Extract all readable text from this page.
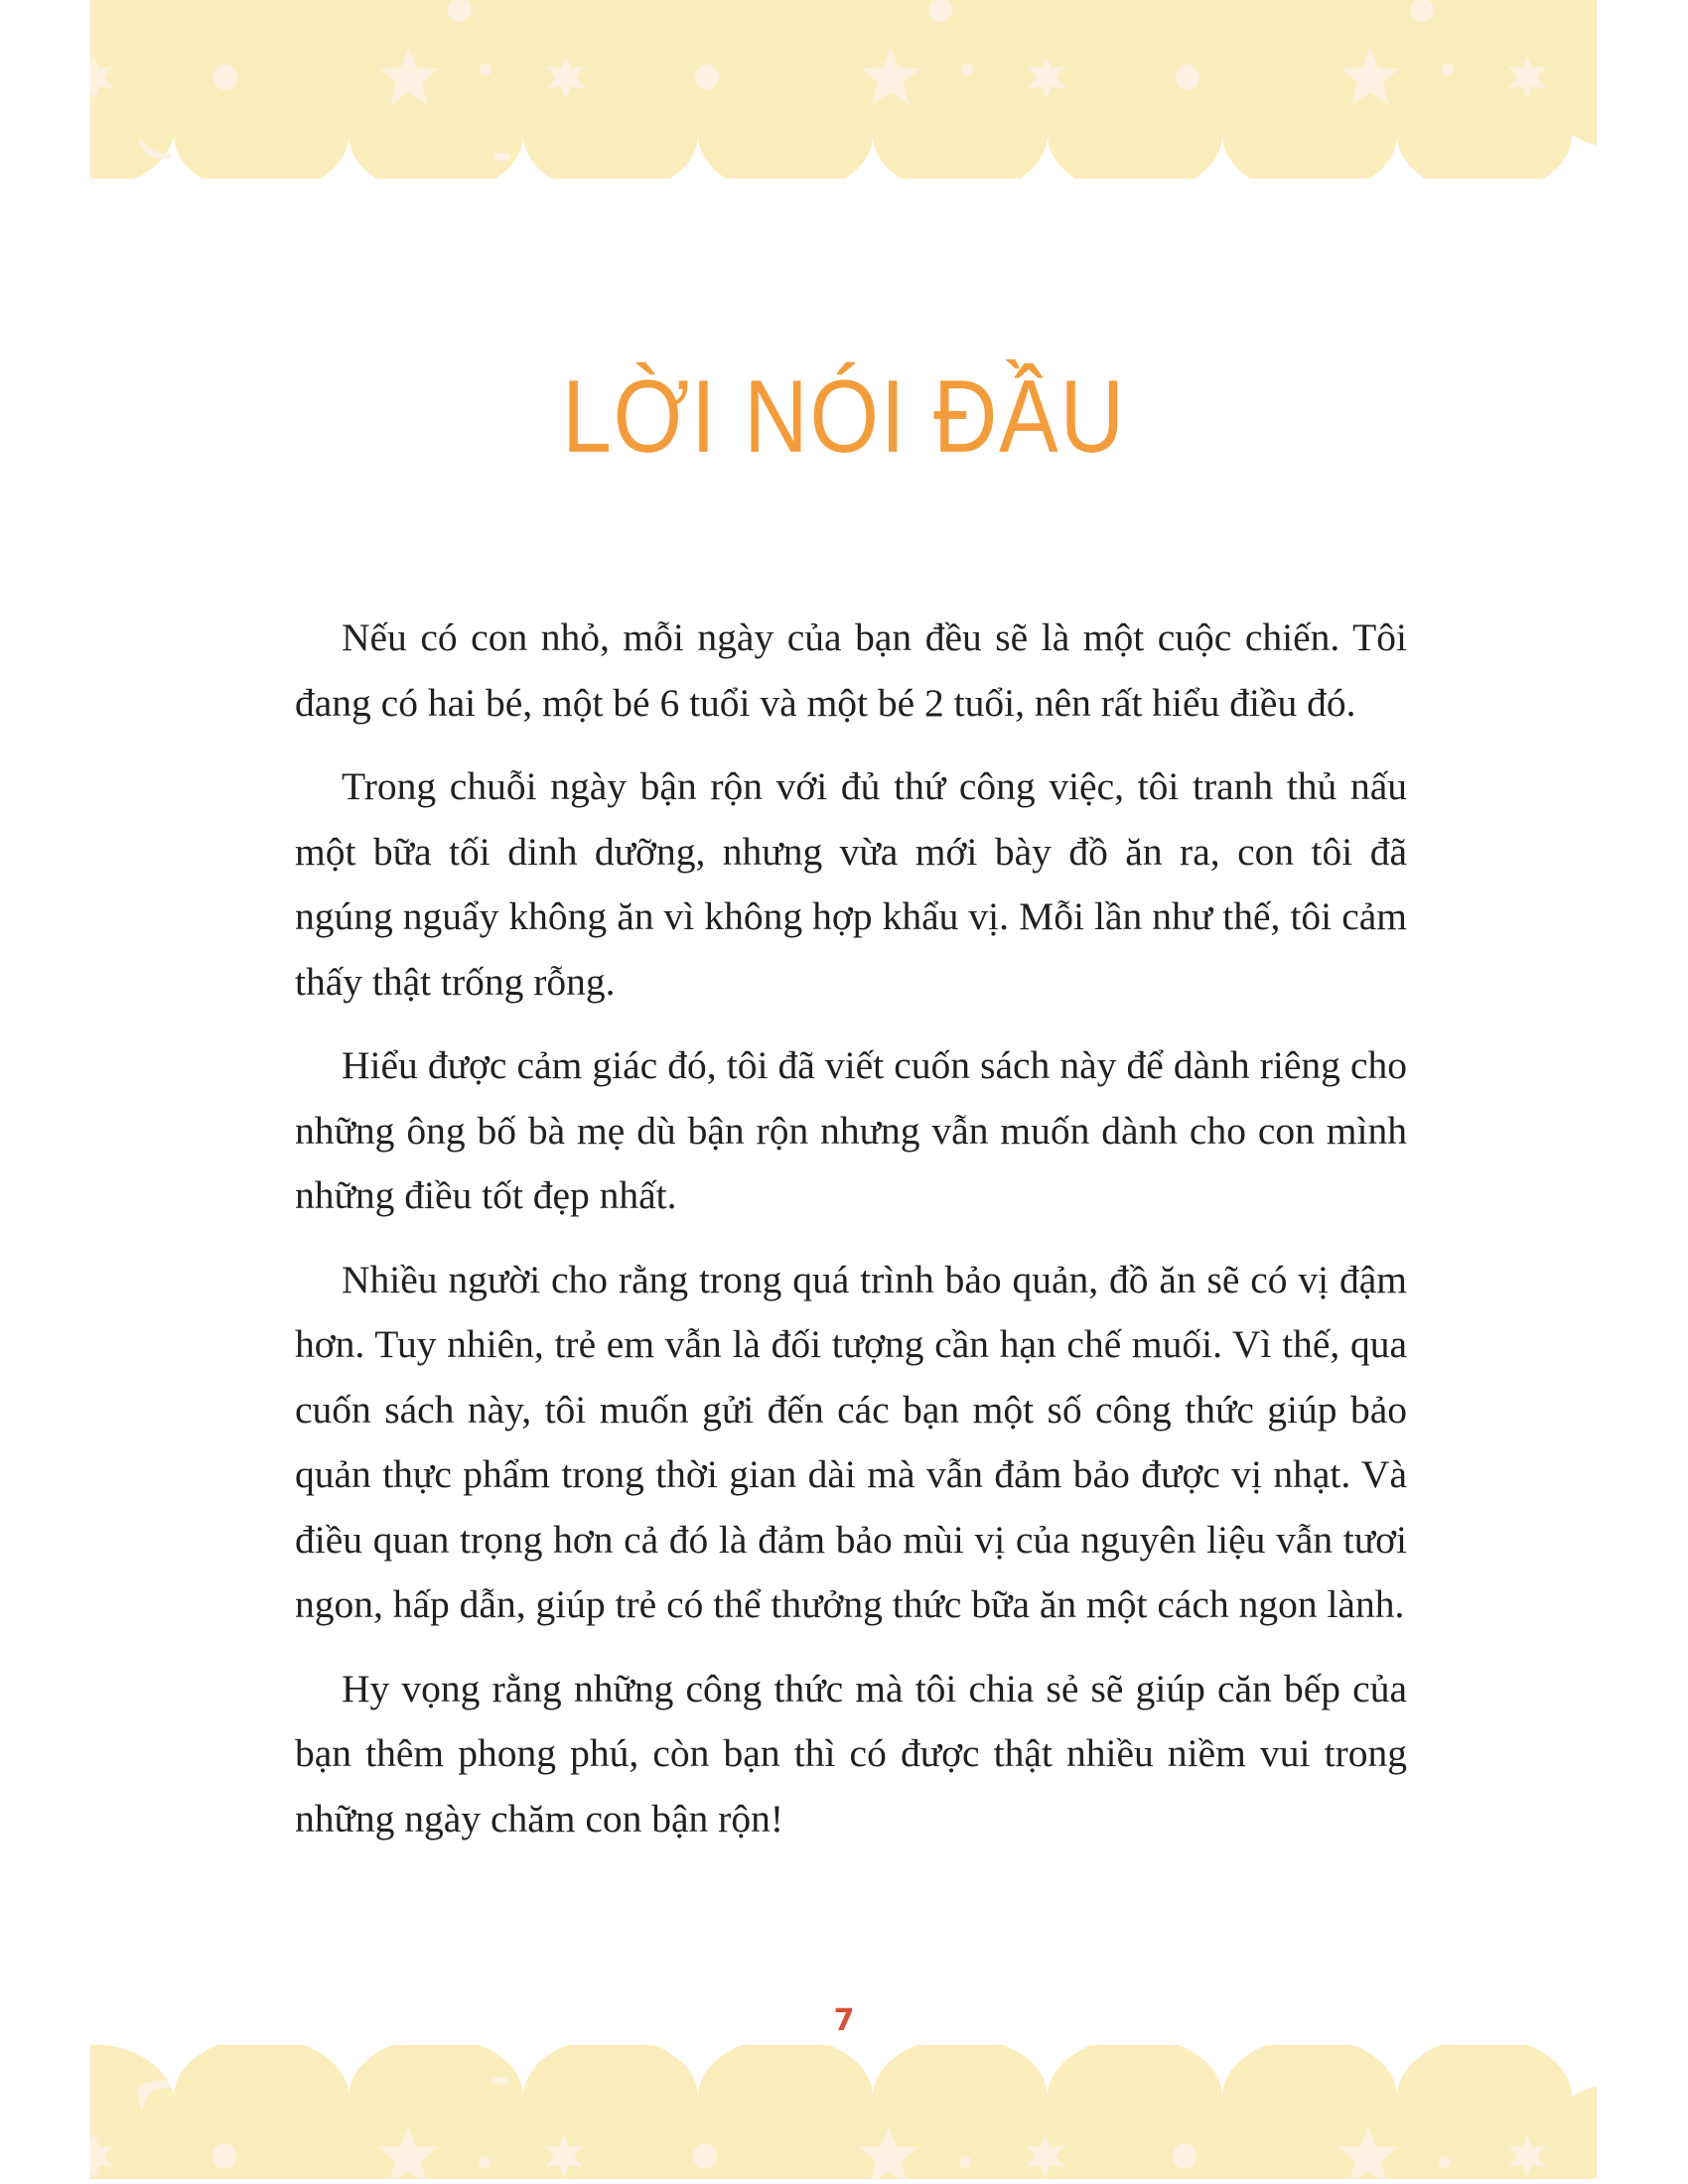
LỜI NÓI ĐẦU

Nếu có con nhỏ, mỗi ngày của bạn đều sẽ là một cuộc chiến. Tôi đang có hai bé, một bé 6 tuổi và một bé 2 tuổi, nên rất hiểu điều đó.

Trong chuỗi ngày bận rộn với đủ thứ công việc, tôi tranh thủ nấu một bữa tối dinh dưỡng, nhưng vừa mới bày đồ ăn ra, con tôi đã ngúng nguẩy không ăn vì không hợp khẩu vị. Mỗi lần như thế, tôi cảm thấy thật trống rỗng.

Hiểu được cảm giác đó, tôi đã viết cuốn sách này để dành riêng cho những ông bố bà mẹ dù bận rộn nhưng vẫn muốn dành cho con mình những điều tốt đẹp nhất.

Nhiều người cho rằng trong quá trình bảo quản, đồ ăn sẽ có vị đậm hơn. Tuy nhiên, trẻ em vẫn là đối tượng cần hạn chế muối. Vì thế, qua cuốn sách này, tôi muốn gửi đến các bạn một số công thức giúp bảo quản thực phẩm trong thời gian dài mà vẫn đảm bảo được vị nhạt. Và điều quan trọng hơn cả đó là đảm bảo mùi vị của nguyên liệu vẫn tươi ngon, hấp dẫn, giúp trẻ có thể thưởng thức bữa ăn một cách ngon lành.

Hy vọng rằng những công thức mà tôi chia sẻ sẽ giúp căn bếp của bạn thêm phong phú, còn bạn thì có được thật nhiều niềm vui trong những ngày chăm con bận rộn!

7
